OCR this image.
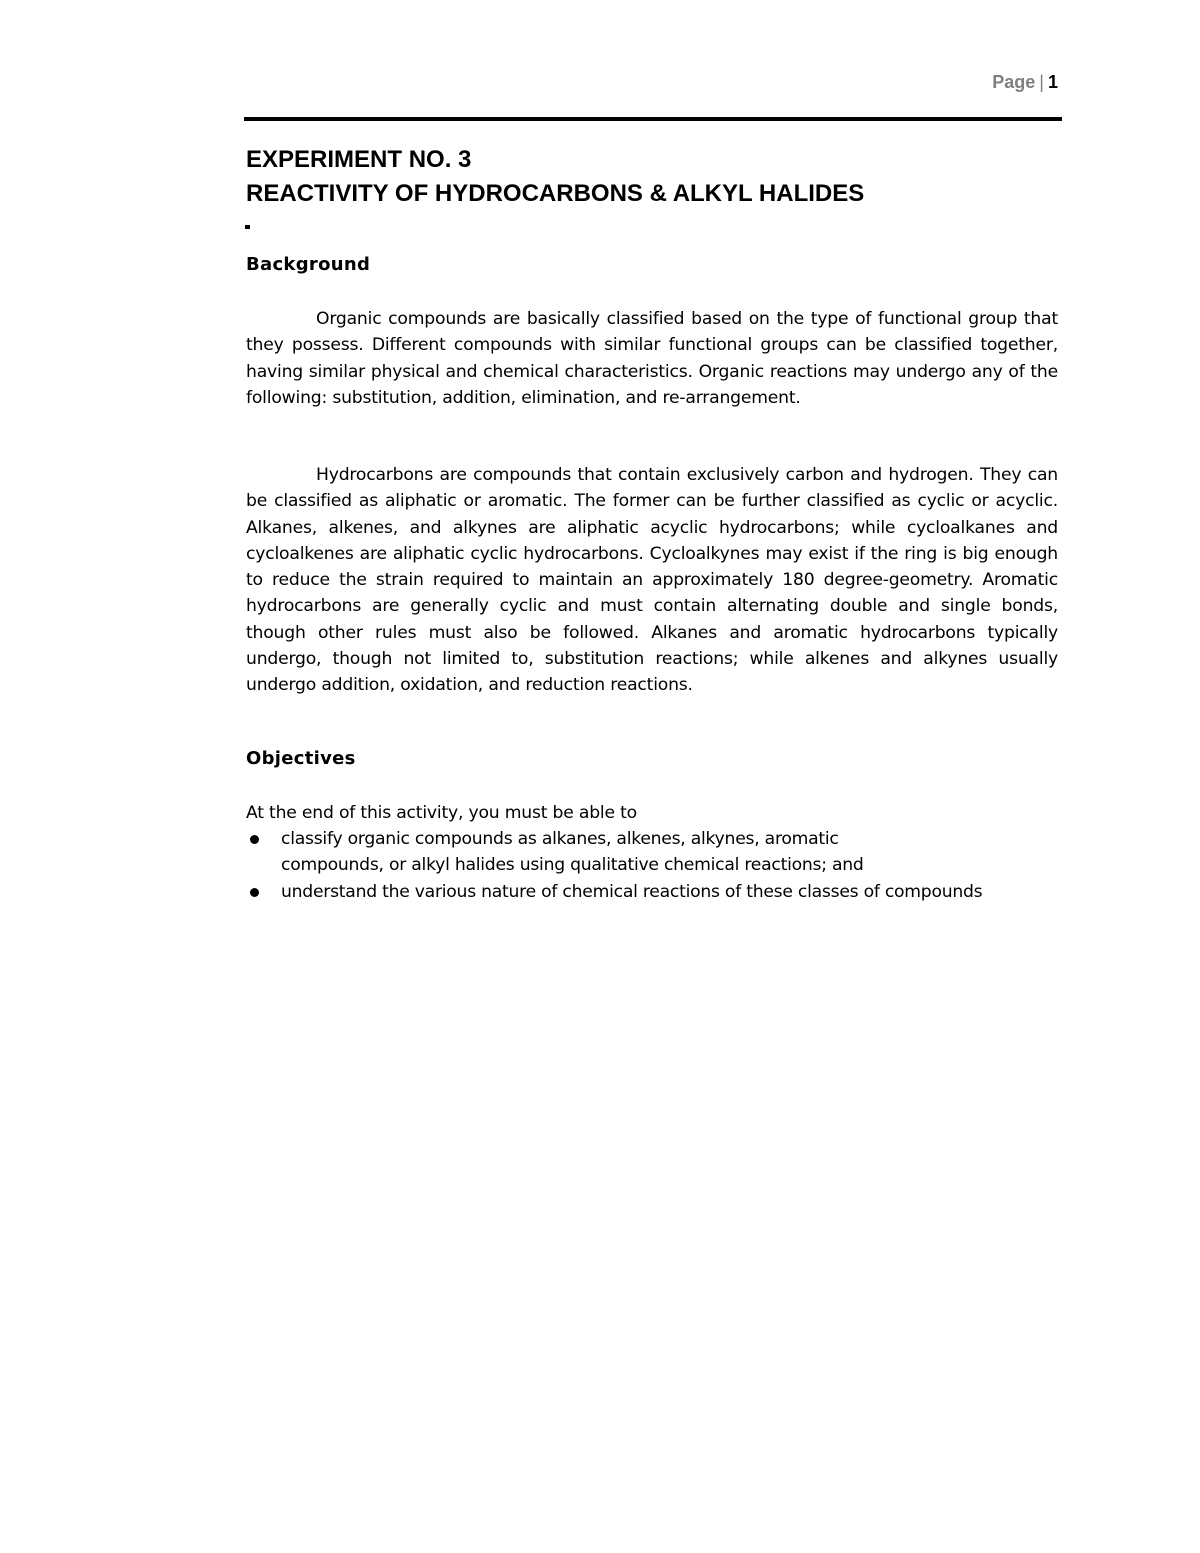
Page | 1
EXPERIMENT NO. 3
REACTIVITY OF HYDROCARBONS & ALKYL HALIDES
Background

Organic compounds are basically classified based on the type of functional group that they possess. Different compounds with similar functional groups can be classified together, having similar physical and chemical characteristics. Organic reactions may undergo any of the following: substitution, addition, elimination, and re-arrangement.

Hydrocarbons are compounds that contain exclusively carbon and hydrogen. They can be classified as aliphatic or aromatic. The former can be further classified as cyclic or acyclic. Alkanes, alkenes, and alkynes are aliphatic acyclic hydrocarbons; while cycloalkanes and cycloalkenes are aliphatic cyclic hydrocarbons. Cycloalkynes may exist if the ring is big enough to reduce the strain required to maintain an approximately 180 degree-geometry. Aromatic hydrocarbons are generally cyclic and must contain alternating double and single bonds, though other rules must also be followed. Alkanes and aromatic hydrocarbons typically undergo, though not limited to, substitution reactions; while alkenes and alkynes usually undergo addition, oxidation, and reduction reactions.

Objectives
At the end of this activity, you must be able to
classify organic compounds as alkanes, alkenes, alkynes, aromatic compounds, or alkyl halides using qualitative chemical reactions; and
understand the various nature of chemical reactions of these classes of compounds
